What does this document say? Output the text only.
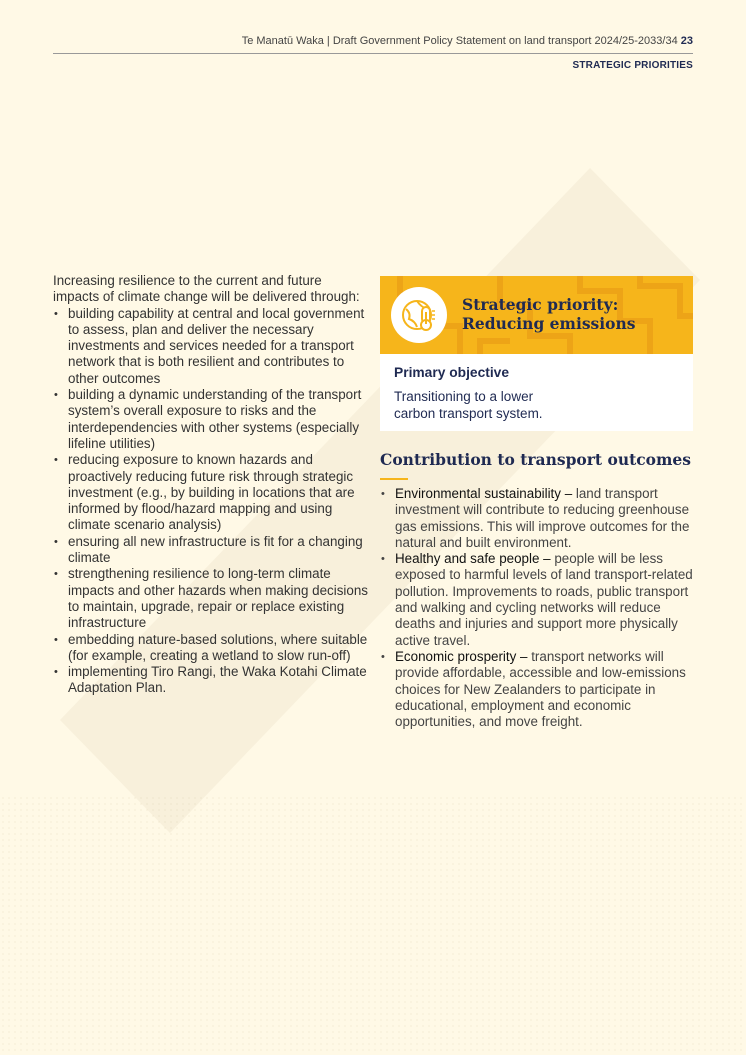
Te Manatū Waka | Draft Government Policy Statement on land transport 2024/25-2033/34 23
STRATEGIC PRIORITIES

Increasing resilience to the current and future impacts of climate change will be delivered through:

• building capability at central and local government to assess, plan and deliver the necessary investments and services needed for a transport network that is both resilient and contributes to other outcomes
• building a dynamic understanding of the transport system’s overall exposure to risks and the interdependencies with other systems (especially lifeline utilities)
• reducing exposure to known hazards and proactively reducing future risk through strategic investment (e.g., by building in locations that are informed by flood/hazard mapping and using climate scenario analysis)
• ensuring all new infrastructure is fit for a changing climate
• strengthening resilience to long-term climate impacts and other hazards when making decisions to maintain, upgrade, repair or replace existing infrastructure
• embedding nature-based solutions, where suitable (for example, creating a wetland to slow run-off)
• implementing Tiro Rangi, the Waka Kotahi Climate Adaptation Plan.
Strategic priority:
Reducing emissions
Primary objective
Transitioning to a lower
carbon transport system.
Contribution to transport outcomes
• Environmental sustainability – land transport investment will contribute to reducing greenhouse gas emissions. This will improve outcomes for the natural and built environment.
• Healthy and safe people – people will be less exposed to harmful levels of land transport-related pollution. Improvements to roads, public transport and walking and cycling networks will reduce deaths and injuries and support more physically active travel.
• Economic prosperity – transport networks will provide affordable, accessible and low-emissions choices for New Zealanders to participate in educational, employment and economic opportunities, and move freight.
